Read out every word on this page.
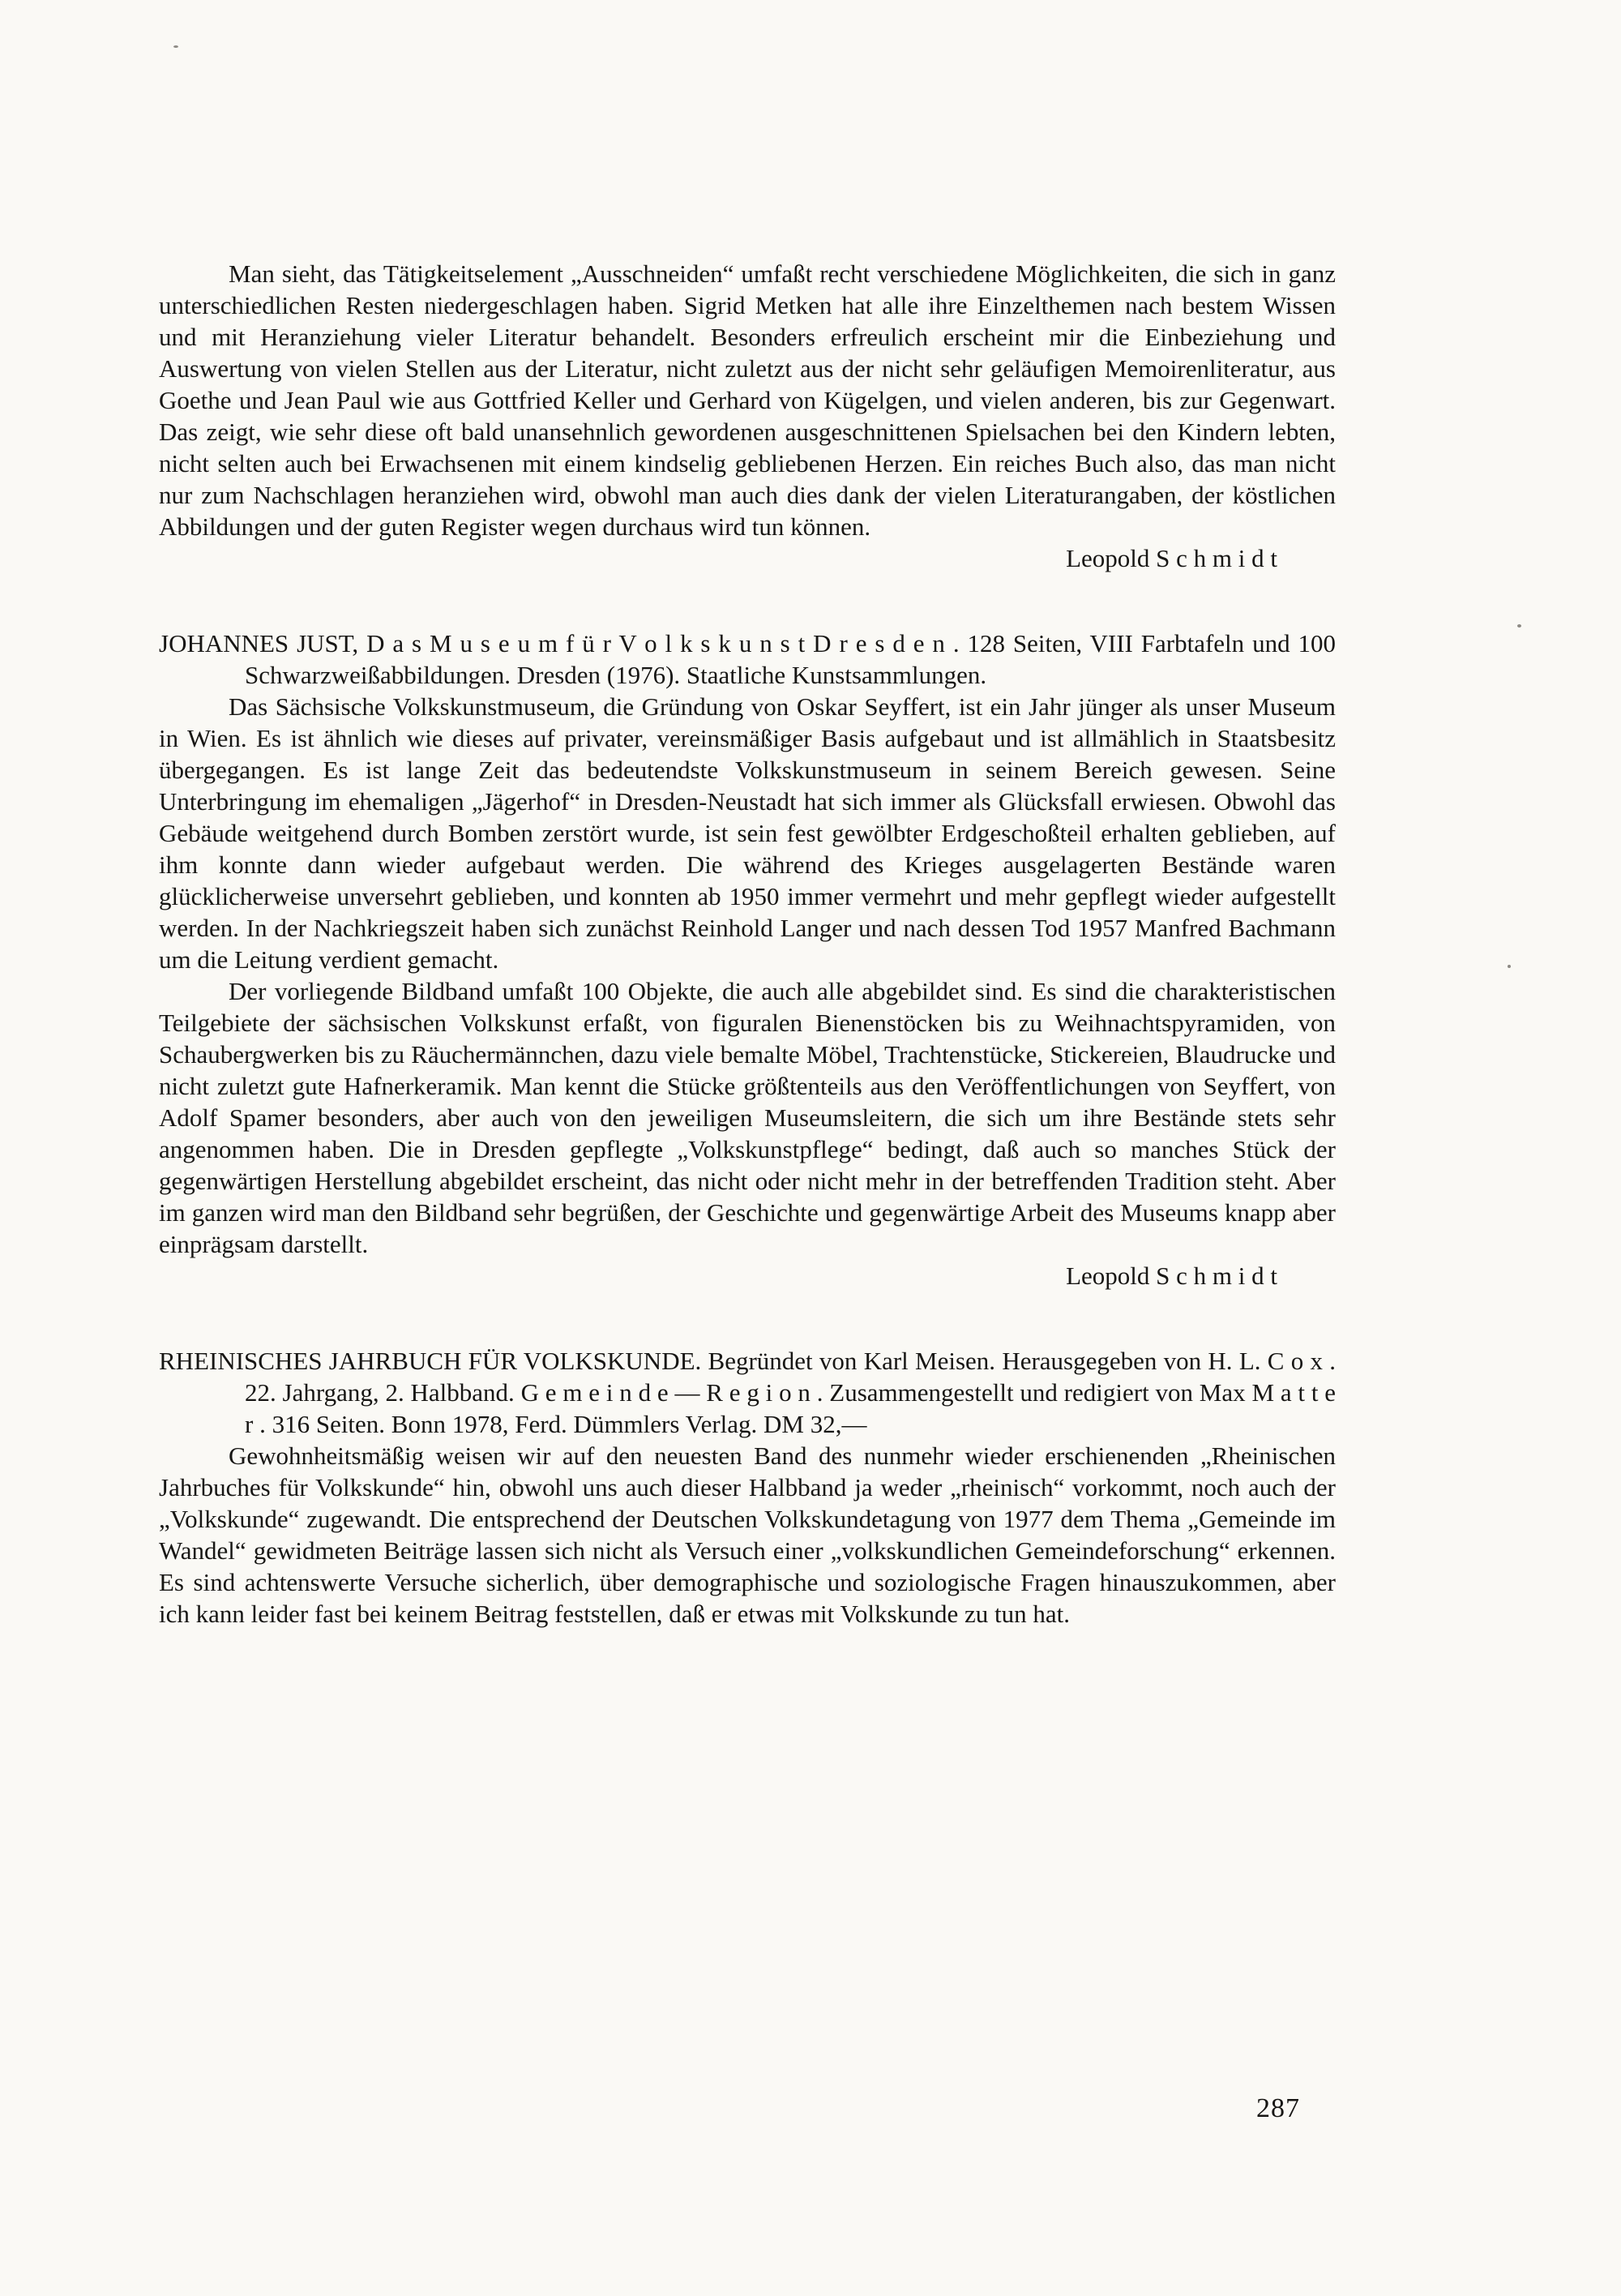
Man sieht, das Tätigkeitselement „Ausschneiden“ umfaßt recht verschiedene Möglichkeiten, die sich in ganz unterschiedlichen Resten niedergeschlagen haben. Sigrid Metken hat alle ihre Einzelthemen nach bestem Wissen und mit Heranziehung vieler Literatur behandelt. Besonders erfreulich erscheint mir die Einbeziehung und Auswertung von vielen Stellen aus der Literatur, nicht zuletzt aus der nicht sehr geläufigen Memoirenliteratur, aus Goethe und Jean Paul wie aus Gottfried Keller und Gerhard von Kügelgen, und vielen anderen, bis zur Gegenwart. Das zeigt, wie sehr diese oft bald unansehnlich gewordenen ausgeschnittenen Spielsachen bei den Kindern lebten, nicht selten auch bei Erwachsenen mit einem kindselig gebliebenen Herzen. Ein reiches Buch also, das man nicht nur zum Nachschlagen heranziehen wird, obwohl man auch dies dank der vielen Literaturangaben, der köstlichen Abbildungen und der guten Register wegen durchaus wird tun können.

Leopold S c h m i d t

JOHANNES JUST, D a s M u s e u m f ü r V o l k s k u n s t D r e s d e n . 128 Seiten, VIII Farbtafeln und 100 Schwarzweißabbildungen. Dresden (1976). Staatliche Kunstsammlungen.

Das Sächsische Volkskunstmuseum, die Gründung von Oskar Seyffert, ist ein Jahr jünger als unser Museum in Wien. Es ist ähnlich wie dieses auf privater, vereinsmäßiger Basis aufgebaut und ist allmählich in Staatsbesitz übergegangen. Es ist lange Zeit das bedeutendste Volkskunstmuseum in seinem Bereich gewesen. Seine Unterbringung im ehemaligen „Jägerhof“ in Dresden-Neustadt hat sich immer als Glücksfall erwiesen. Obwohl das Gebäude weitgehend durch Bomben zerstört wurde, ist sein fest gewölbter Erdgeschoßteil erhalten geblieben, auf ihm konnte dann wieder aufgebaut werden. Die während des Krieges ausgelagerten Bestände waren glücklicherweise unversehrt geblieben, und konnten ab 1950 immer vermehrt und mehr gepflegt wieder aufgestellt werden. In der Nachkriegszeit haben sich zunächst Reinhold Langer und nach dessen Tod 1957 Manfred Bachmann um die Leitung verdient gemacht.

Der vorliegende Bildband umfaßt 100 Objekte, die auch alle abgebildet sind. Es sind die charakteristischen Teilgebiete der sächsischen Volkskunst erfaßt, von figuralen Bienenstöcken bis zu Weihnachtspyramiden, von Schaubergwerken bis zu Räuchermännchen, dazu viele bemalte Möbel, Trachtenstücke, Stickereien, Blaudrucke und nicht zuletzt gute Hafnerkeramik. Man kennt die Stücke größtenteils aus den Veröffentlichungen von Seyffert, von Adolf Spamer besonders, aber auch von den jeweiligen Museumsleitern, die sich um ihre Bestände stets sehr angenommen haben. Die in Dresden gepflegte „Volkskunstpflege“ bedingt, daß auch so manches Stück der gegenwärtigen Herstellung abgebildet erscheint, das nicht oder nicht mehr in der betreffenden Tradition steht. Aber im ganzen wird man den Bildband sehr begrüßen, der Geschichte und gegenwärtige Arbeit des Museums knapp aber einprägsam darstellt.

Leopold S c h m i d t

RHEINISCHES JAHRBUCH FÜR VOLKSKUNDE. Begründet von Karl Meisen. Herausgegeben von H. L. C o x . 22. Jahrgang, 2. Halbband. G e m e i n d e — R e g i o n . Zusammengestellt und redigiert von Max M a t t e r . 316 Seiten. Bonn 1978, Ferd. Dümmlers Verlag. DM 32,—

Gewohnheitsmäßig weisen wir auf den neuesten Band des nunmehr wieder erschienenden „Rheinischen Jahrbuches für Volkskunde“ hin, obwohl uns auch dieser Halbband ja weder „rheinisch“ vorkommt, noch auch der „Volkskunde“ zugewandt. Die entsprechend der Deutschen Volkskundetagung von 1977 dem Thema „Gemeinde im Wandel“ gewidmeten Beiträge lassen sich nicht als Versuch einer „volkskundlichen Gemeindeforschung“ erkennen. Es sind achtenswerte Versuche sicherlich, über demographische und soziologische Fragen hinauszukommen, aber ich kann leider fast bei keinem Beitrag feststellen, daß er etwas mit Volkskunde zu tun hat.

287
